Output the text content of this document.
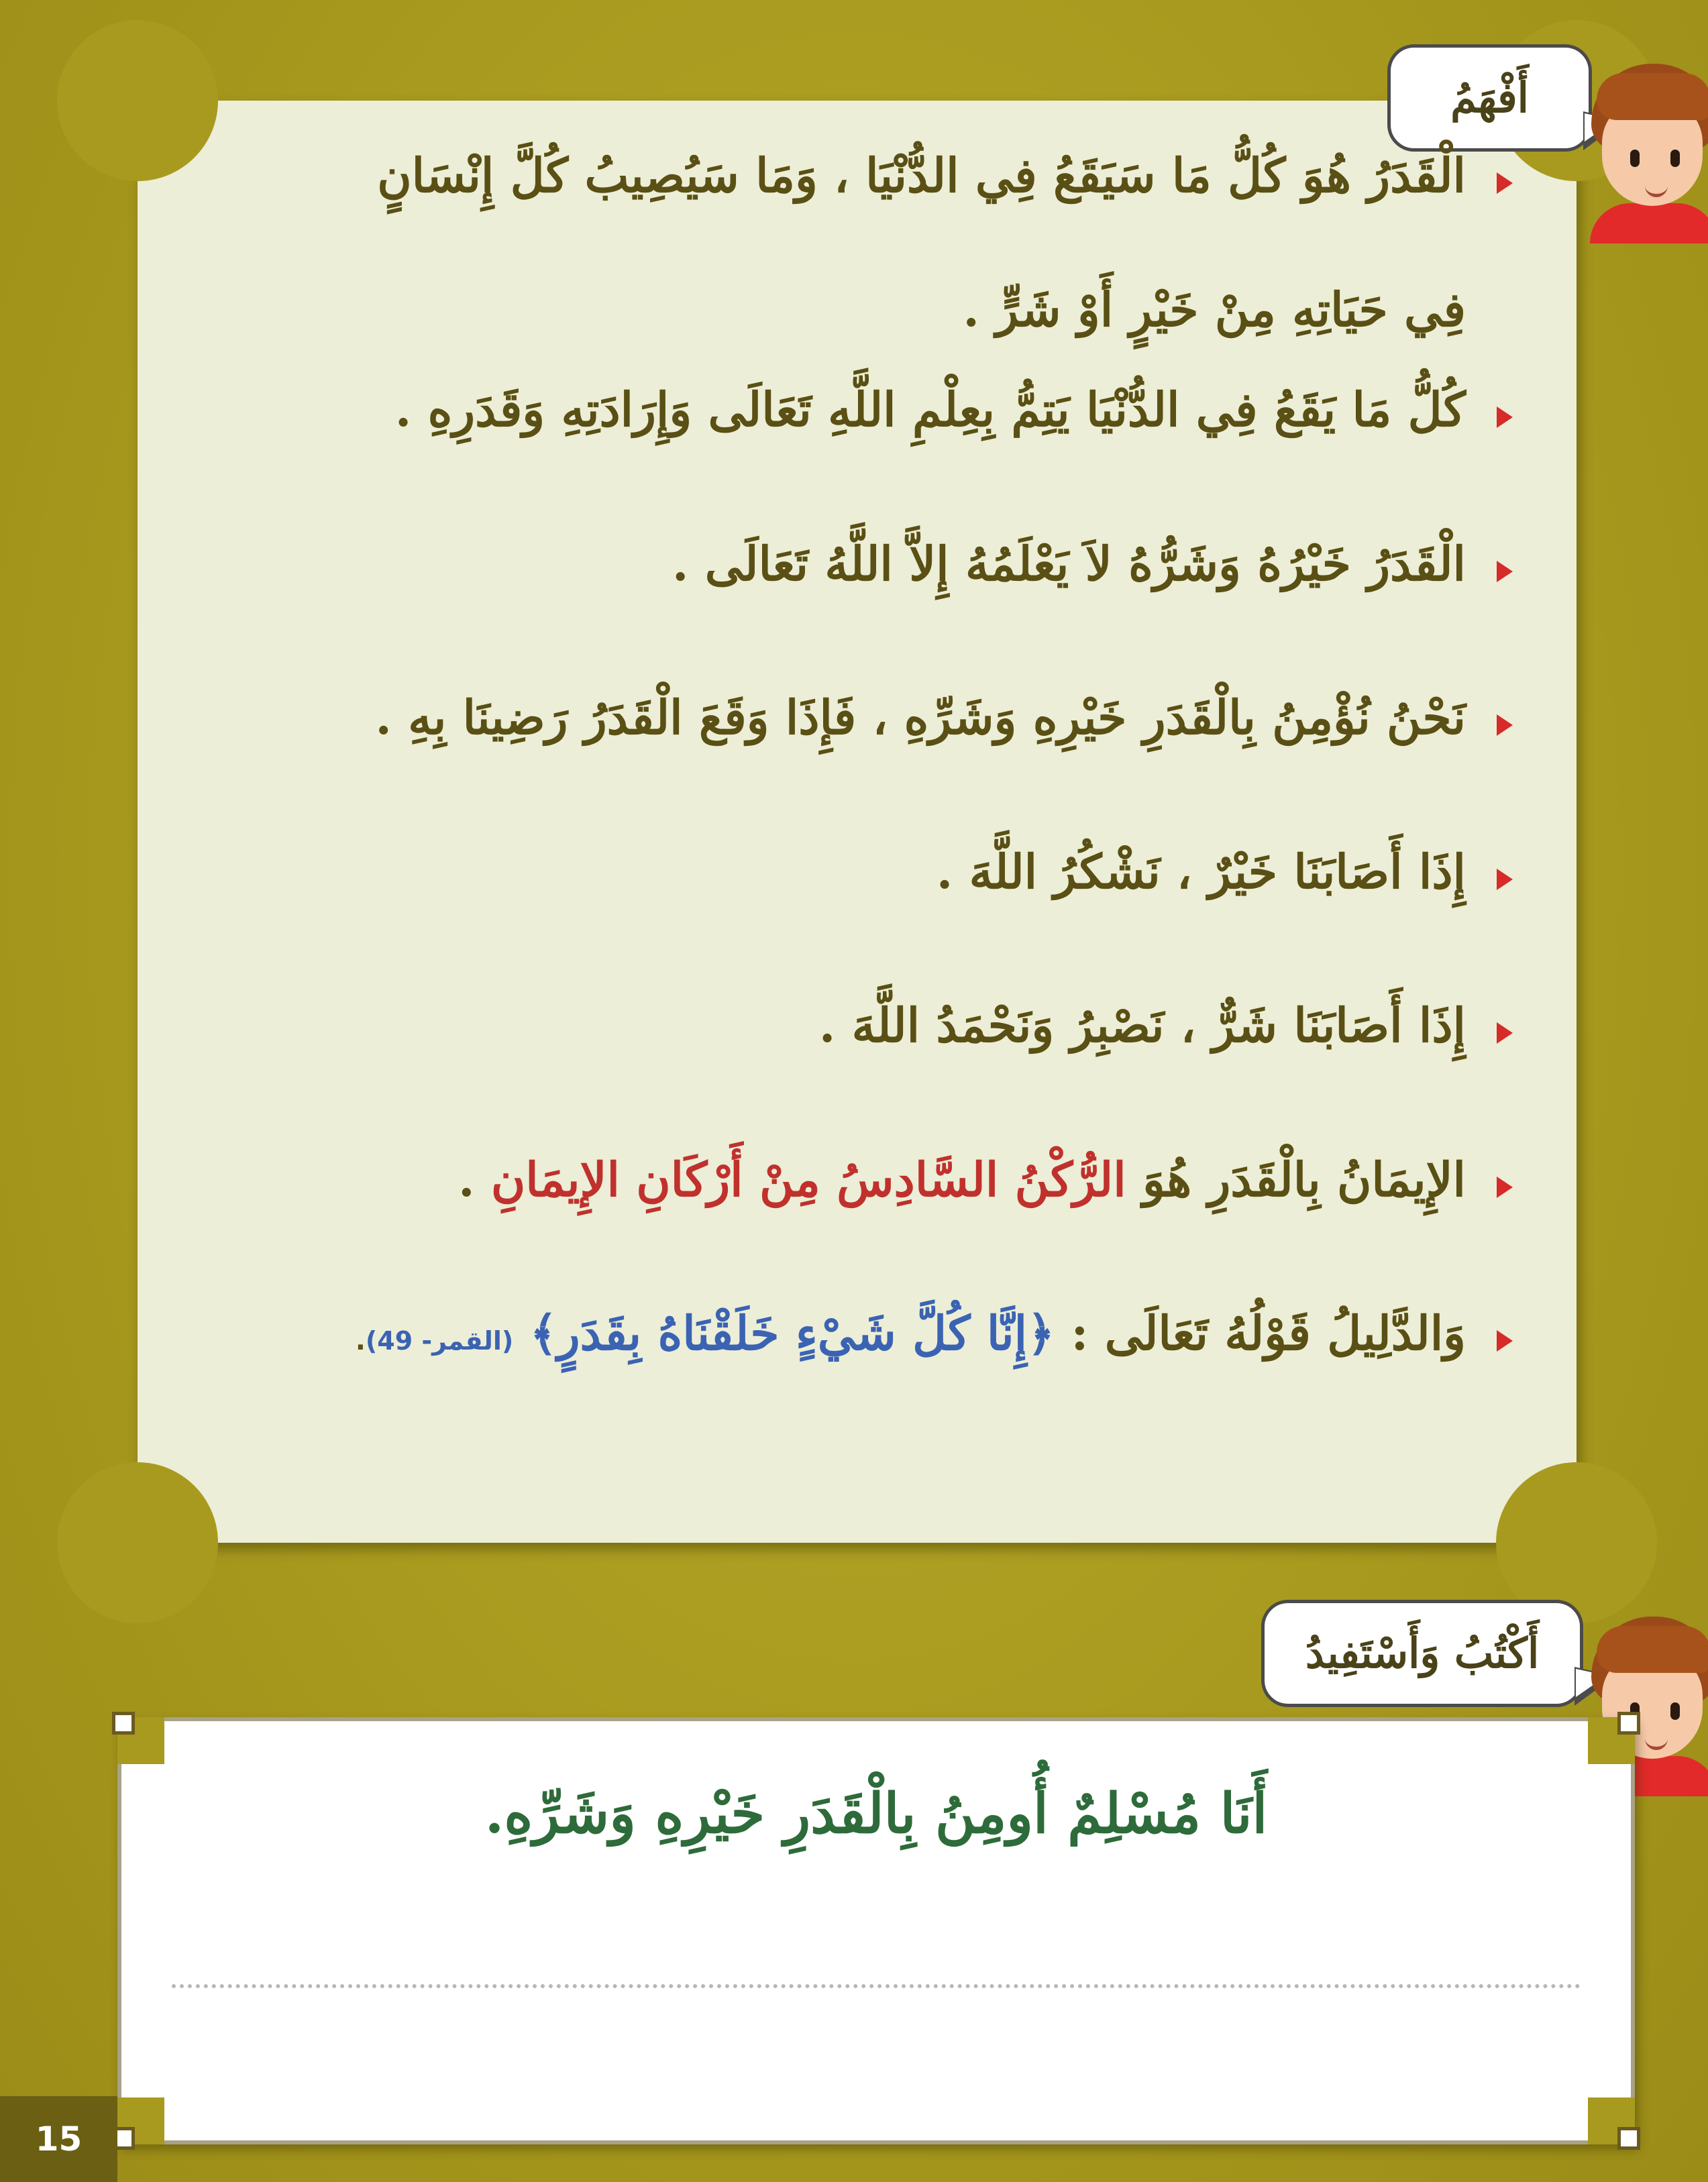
أَفْهَمُ
الْقَدَرُ هُوَ كُلُّ مَا سَيَقَعُ فِي الدُّنْيَا ، وَمَا سَيُصِيبُ كُلَّ إِنْسَانٍ
فِي حَيَاتِهِ مِنْ خَيْرٍ أَوْ شَرٍّ .
كُلُّ مَا يَقَعُ فِي الدُّنْيَا يَتِمُّ بِعِلْمِ اللَّهِ تَعَالَى وَإِرَادَتِهِ وَقَدَرِهِ .
الْقَدَرُ خَيْرُهُ وَشَرُّهُ لاَ يَعْلَمُهُ إِلاَّ اللَّهُ تَعَالَى .
نَحْنُ نُؤْمِنُ بِالْقَدَرِ خَيْرِهِ وَشَرِّهِ ، فَإِذَا وَقَعَ الْقَدَرُ رَضِينَا بِهِ .
إِذَا أَصَابَنَا خَيْرٌ ، نَشْكُرُ اللَّهَ .
إِذَا أَصَابَنَا شَرٌّ ، نَصْبِرُ وَنَحْمَدُ اللَّهَ .
الإِيمَانُ بِالْقَدَرِ هُوَ الرُّكْنُ السَّادِسُ مِنْ أَرْكَانِ الإِيمَانِ .
وَالدَّلِيلُ قَوْلُهُ تَعَالَى : ﴿إِنَّا كُلَّ شَيْءٍ خَلَقْنَاهُ بِقَدَرٍ﴾ (القمر- 49).
أَكْتُبُ وَأَسْتَفِيدُ
أَنَا مُسْلِمٌ أُومِنُ بِالْقَدَرِ خَيْرِهِ وَشَرِّهِ.
15
